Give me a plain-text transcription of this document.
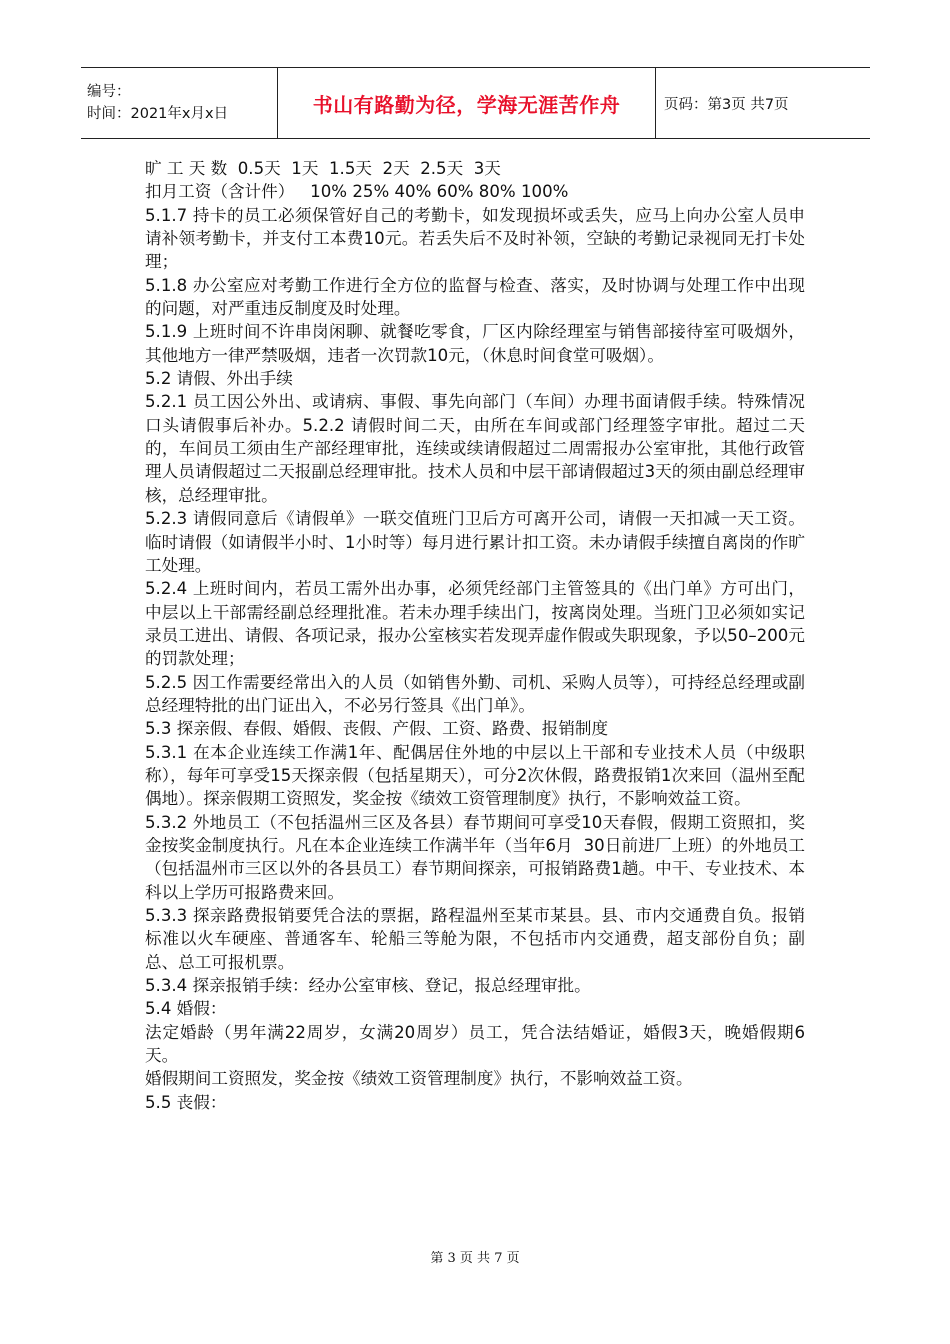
编号：
时间：2021年x月x日	书山有路勤为径，学海无涯苦作舟	页码：第3页 共7页

旷 工 天 数  0.5天  1天  1.5天  2天  2.5天  3天

扣月工资（含计件）   10% 25% 40% 60% 80% 100%

5.1.7 持卡的员工必须保管好自己的考勤卡，如发现损坏或丢失，应马上向办公室人员申请补领考勤卡，并支付工本费10元。若丢失后不及时补领，空缺的考勤记录视同无打卡处理；

5.1.8 办公室应对考勤工作进行全方位的监督与检查、落实，及时协调与处理工作中出现的问题，对严重违反制度及时处理。

5.1.9 上班时间不许串岗闲聊、就餐吃零食，厂区内除经理室与销售部接待室可吸烟外，其他地方一律严禁吸烟，违者一次罚款10元，（休息时间食堂可吸烟）。

5.2 请假、外出手续

5.2.1 员工因公外出、或请病、事假、事先向部门（车间）办理书面请假手续。特殊情况口头请假事后补办。5.2.2 请假时间二天，由所在车间或部门经理签字审批。超过二天的，车间员工须由生产部经理审批，连续或续请假超过二周需报办公室审批，其他行政管理人员请假超过二天报副总经理审批。技术人员和中层干部请假超过3天的须由副总经理审核，总经理审批。

5.2.3 请假同意后《请假单》一联交值班门卫后方可离开公司，请假一天扣减一天工资。临时请假（如请假半小时、1小时等）每月进行累计扣工资。未办请假手续擅自离岗的作旷工处理。

5.2.4 上班时间内，若员工需外出办事，必须凭经部门主管签具的《出门单》方可出门，中层以上干部需经副总经理批准。若未办理手续出门，按离岗处理。当班门卫必须如实记录员工进出、请假、各项记录，报办公室核实若发现弄虚作假或失职现象，予以50–200元的罚款处理；

5.2.5 因工作需要经常出入的人员（如销售外勤、司机、采购人员等），可持经总经理或副总经理特批的出门证出入，不必另行签具《出门单》。

5.3 探亲假、春假、婚假、丧假、产假、工资、路费、报销制度

5.3.1 在本企业连续工作满1年、配偶居住外地的中层以上干部和专业技术人员（中级职称），每年可享受15天探亲假（包括星期天），可分2次休假，路费报销1次来回（温州至配偶地）。探亲假期工资照发，奖金按《绩效工资管理制度》执行，不影响效益工资。

5.3.2 外地员工（不包括温州三区及各县）春节期间可享受10天春假，假期工资照扣，奖金按奖金制度执行。凡在本企业连续工作满半年（当年6月  30日前进厂上班）的外地员工（包括温州市三区以外的各县员工）春节期间探亲，可报销路费1趟。中干、专业技术、本科以上学历可报路费来回。

5.3.3 探亲路费报销要凭合法的票据，路程温州至某市某县。县、市内交通费自负。报销标准以火车硬座、普通客车、轮船三等舱为限，不包括市内交通费，超支部份自负；副总、总工可报机票。

5.3.4 探亲报销手续：经办公室审核、登记，报总经理审批。

5.4 婚假：

法定婚龄（男年满22周岁，女满20周岁）员工，凭合法结婚证，婚假3天，晚婚假期6天。

婚假期间工资照发，奖金按《绩效工资管理制度》执行，不影响效益工资。

5.5 丧假：

第 3 页 共 7 页
